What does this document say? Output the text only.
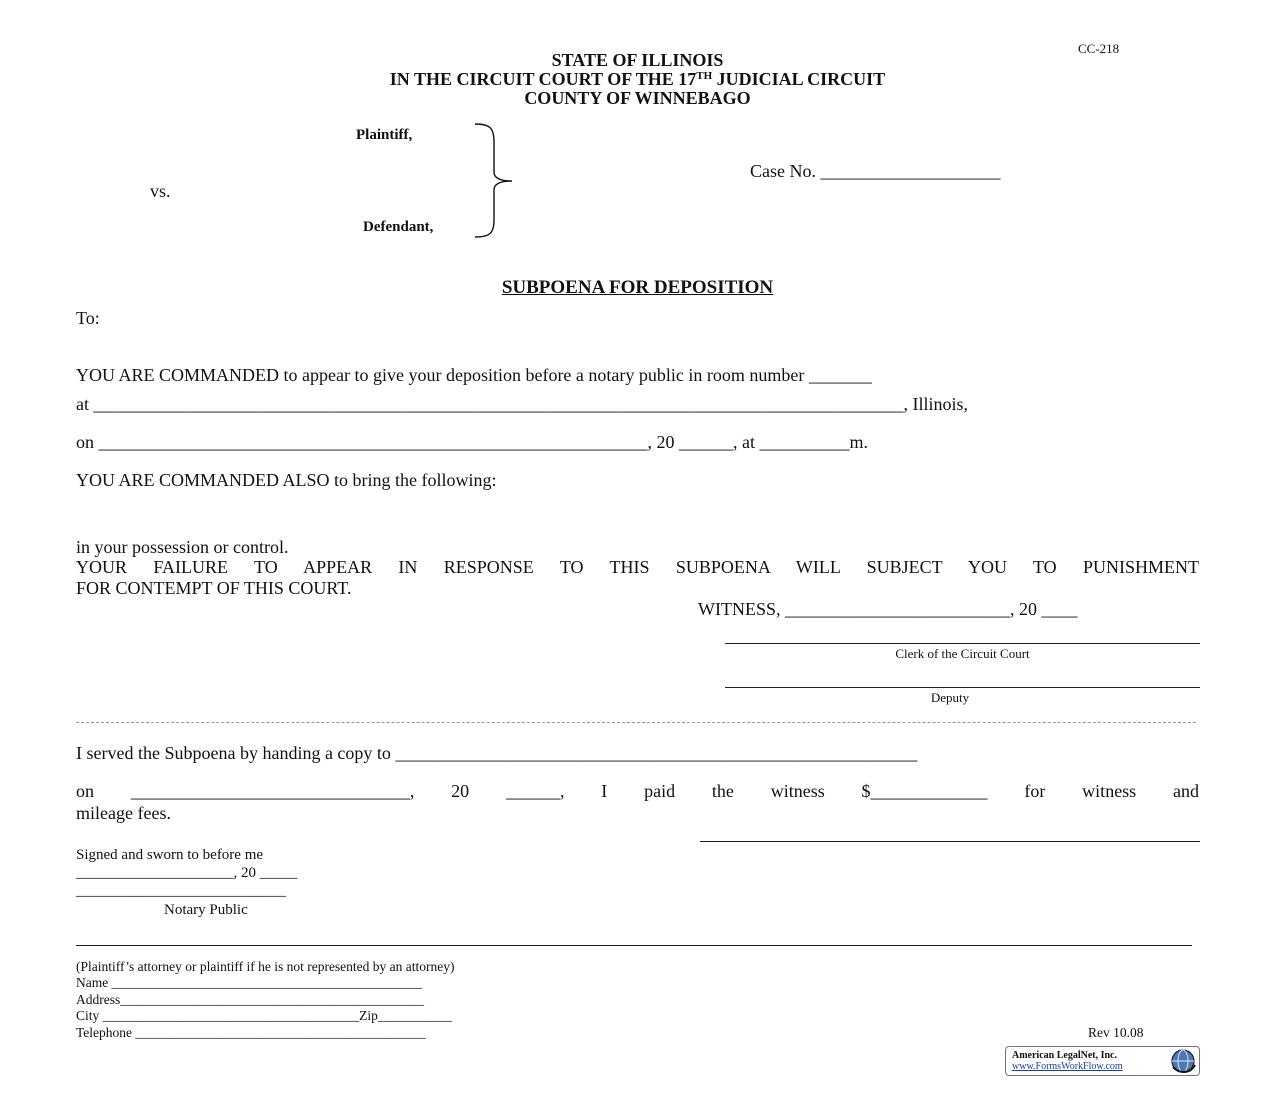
CC-218
STATE OF ILLINOIS
IN THE CIRCUIT COURT OF THE 17TH JUDICIAL CIRCUIT
COUNTY OF WINNEBAGO
Plaintiff,
vs.
Defendant,
Case No. ____________________
SUBPOENA FOR DEPOSITION
To:
YOU ARE COMMANDED to appear to give your deposition before a notary public in room number _______
at __________________________________________________________________________________________, Illinois,
on _____________________________________________________________, 20 ______, at __________m.
YOU ARE COMMANDED ALSO to bring the following:
in your possession or control.
YOUR FAILURE TO APPEAR IN RESPONSE TO THIS SUBPOENA WILL SUBJECT YOU TO PUNISHMENT
FOR CONTEMPT OF THIS COURT.
WITNESS, _________________________, 20 ____
Clerk of the Circuit Court
Deputy
I served the Subpoena by handing a copy to __________________________________________________________
on _______________________________, 20 ______, I paid the witness $_____________ for witness and
mileage fees.
Signed and sworn to before me
_____________________, 20 _____
____________________________
Notary Public
(Plaintiff’s attorney or plaintiff if he is not represented by an attorney)
Name ______________________________________________
Address_____________________________________________
City ______________________________________Zip___________
Telephone ___________________________________________	Rev 10.08
American LegalNet, Inc.
www.FormsWorkFlow.com
